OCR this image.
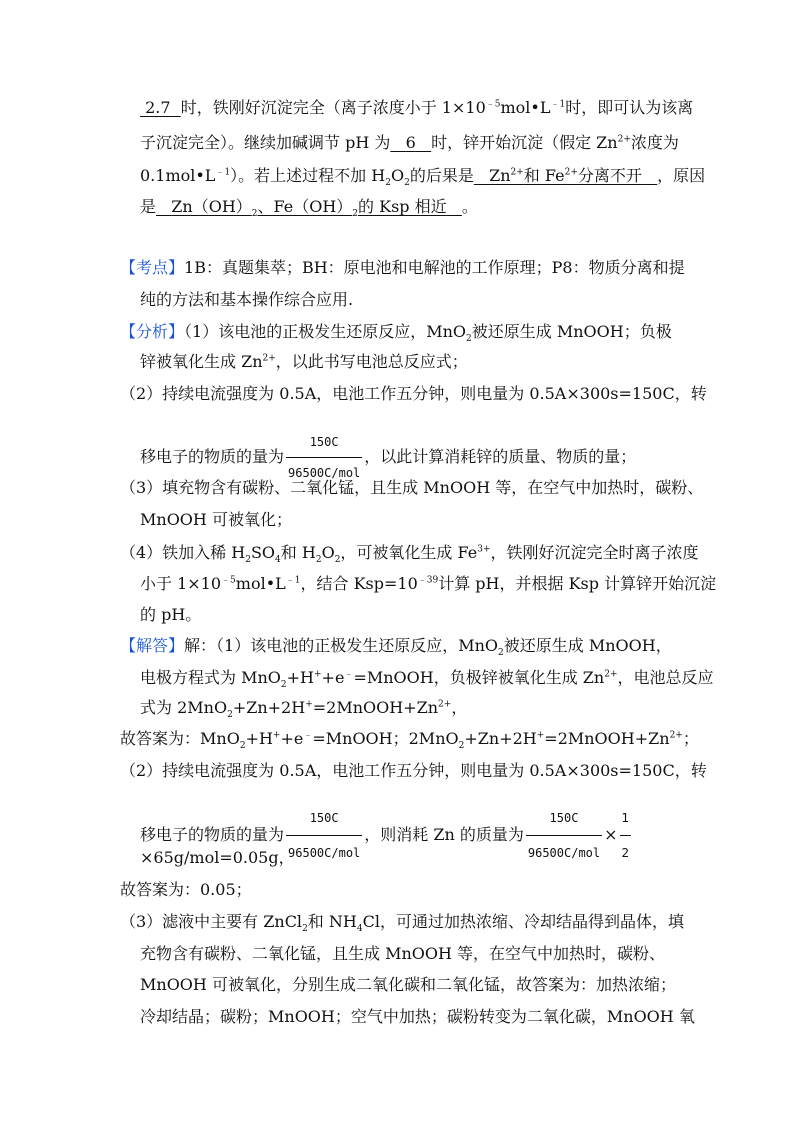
2.7 时，铁刚好沉淀完全（离子浓度小于 $1\times 10^{﹣5}mol•L^{﹣1}$时，即可认为该离
子沉淀完全）。继续加碱调节 pH 为 6 时，锌开始沉淀（假定 $Zn^{2+}$浓度为
$0.1mol•L^{﹣1}$）。若上述过程不加 $H_2O_2$的后果是 $Zn^{2+}$和 $Fe^{2+}$分离不开 ，原因
是 $Zn(OH)_2$、$Fe(OH)_2$的 Ksp 相近 。
【考点】1B：真题集萃；BH：原电池和电解池的工作原理；P8：物质分离和提
纯的方法和基本操作综合应用.
【分析】（1）该电池的正极发生还原反应，MnO$_2$被还原生成 MnOOH；负极
锌被氧化生成 $Zn^{2+}$，以此书写电池总反应式；
（2）持续电流强度为 0.5A，电池工作五分钟，则电量为 0.5A×300s=150C，转
移电子的物质的量为 $\frac{150C}{\text{96500C/mol}}$ ，以此计算消耗锌的质量、物质的量；
（3）填充物含有碳粉、二氧化锰，且生成 MnOOH 等，在空气中加热时，碳粉、
MnOOH 可被氧化；
（4）铁加入稀 $H_2SO_4$和 $H_2O_2$，可被氧化生成 $Fe^{3+}$，铁刚好沉淀完全时离子浓度
小于 $1\times 10^{﹣5}mol•L^{﹣1}$，结合 $Ksp=10^{﹣39}$计算 pH，并根据 Ksp 计算锌开始沉淀
的 pH。
【解答】解：（1）该电池的正极发生还原反应，MnO$_2$被还原生成 MnOOH，
电极方程式为 MnO$_2$+H++e﹣=MnOOH，负极锌被氧化生成 $Zn^{2+}$，电池总反应
式为 $2MnO_2+Zn+2H^+=2MnOOH+Zn^{2+}$，
故答案为：MnO$_2$+H++e﹣=MnOOH；$2MnO_2+Zn+2H^+=2MnOOH+Zn^{2+}$；
（2）持续电流强度为 0.5A，电池工作五分钟，则电量为 0.5A×300s=150C，转
移电子的物质的量为 $\frac{150C}{\text{96500C/mol}}$ ，则消耗 Zn 的质量为 $\frac{150C}{\text{96500C/mol}} \times \frac{1}{2}$
×65g/mol=0.05g，
故答案为：0.05；
（3）滤液中主要有 ZnCl$_2$和 $NH_4Cl$，可通过加热浓缩、冷却结晶得到晶体，填
充物含有碳粉、二氧化锰，且生成 MnOOH 等，在空气中加热时，碳粉、
MnOOH 可被氧化，分别生成二氧化碳和二氧化锰，故答案为：加热浓缩；
冷却结晶；碳粉；MnOOH；空气中加热；碳粉转变为二氧化碳，MnOOH 氧
